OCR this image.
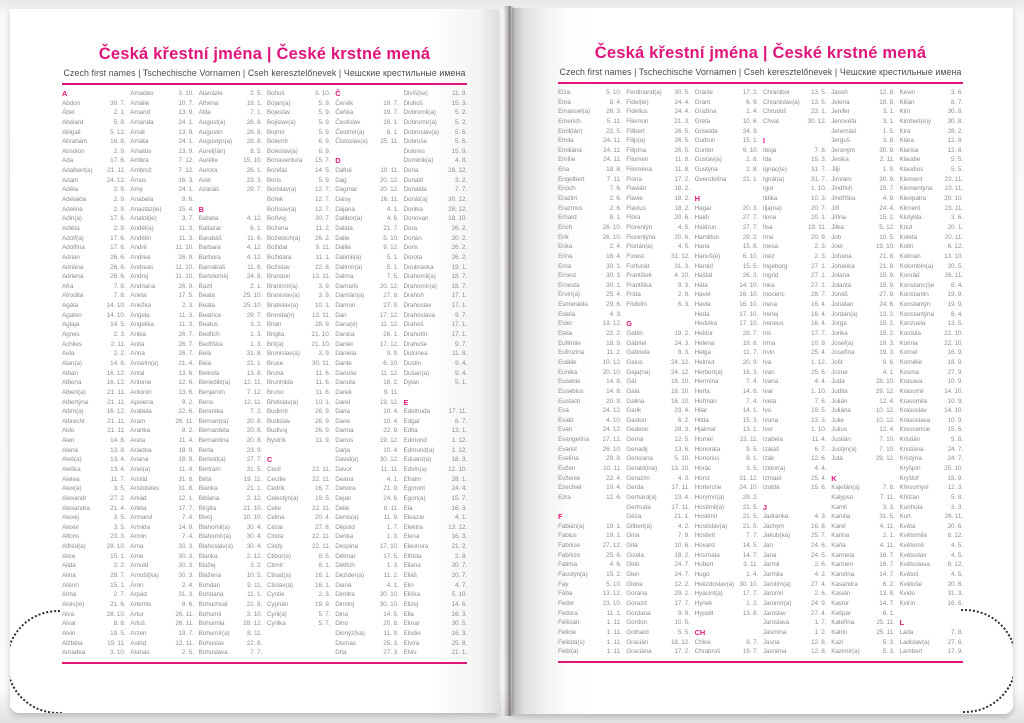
Česká křestní jména | České krstné mená
Czech first names | Tschechische Vornamen | Cseh keresztelőnevek | Чешские крестильные имена
A
Abdon	30. 7.
Ábel	2. 1.
Abelard	5. 8.
Abigail	5. 12.
Abrahám	16. 8.
Absolon	2. 9.
Ada	17. 6.
Adalbert(a)	21. 11.
Adam	24. 12.
Adéla	2. 9.
Adelaida	2. 9.
Adelina	2. 9.
Adin(a)	17. 6.
Adléta	2. 9.
Adolf(a)	17. 6.
Adolfína	17. 6.
Adrian	26. 6.
Adriána	26. 6.
Adriena	26. 6.
Afra	7. 8.
Afrodita	7. 8.
Agáta	14. 10.
Agaton	14. 10.
Aglaja	14. 5.
Agnes	2. 3.
Achiles	2. 11.
Aida	2. 2.
Alan(a)	14. 8.
Alban	16. 12.
Albena	16. 12.
Albert(a)	21. 11.
Albertýna	21. 11.
Albín(a)	16. 12.
Albrecht	21. 11.
Aldo	21. 11.
Alen	14. 8.
Alena	13. 8.
Aleš(a)	13. 4.
Aleška	13. 4.
Aletea	11. 7.
Alex(a)	3. 5.
Alexandr	27. 2.
Alexandra	21. 4.
Alexej	3. 5.
Alexie	3. 5.
Alfons	23. 3.
Alfréd(a)	28. 10.
Alice	15. 1.
Alida	2. 2.
Alina	28. 7.
Alison	15. 1.
Alma	2. 7.
Alois(ie)	21. 6.
Alva	28. 10.
Alvar	8. 8.
Alvin	19. 5.
Alžběta	19. 11.
Amadea	3. 10.
Amadeo	3. 10.
Amálie	10. 7.
Amand	13. 9.
Amanda	24. 1.
Amát	13. 9.
Amáta	24. 1.
Amatus	13. 9.
Ambra	7. 12.
Ambrož	7. 12.
Ámos	16. 3.
Amy	24. 1.
Anabela	9. 6.
Anastáz(ie)	15. 4.
Anatol(ie)	3. 7.
Anděl(a)	11. 3.
Andělín	11. 3.
André	11. 10.
Andrea	26. 9.
Andreas	11. 10.
Andrej	11. 10.
Andriana	26. 9.
Aneta	17. 5.
Anežka	2. 3.
Angela	11. 3.
Angelika	11. 3.
Anika	26. 7.
Anita	26. 7.
Anna	26. 7.
Anselm(a)	21. 4.
Antal	13. 6.
Antonie	12. 6.
Antonín	13. 6.
Apolena	9. 2.
Arabela	22. 6.
Aram	26. 11.
Aranka	8. 2.
Areta	11. 4.
Ariadna	18. 9.
Ariana	18. 9.
Ariel(a)	11. 4.
Aristid	31. 8.
Aristoteles	31. 8.
Arkád	12. 1.
Arleta	17. 7.
Armand	7. 4.
Armida	14. 9.
Armin	7. 4.
Arna	30. 3.
Arne	30. 3.
Arnold	30. 3.
Arnošt(ka)	30. 3.
Áron	2. 4.
Arpád	31. 3.
Artemis	8. 6.
Artur	26. 11.
Artuš	26. 11.
Arzen	19. 7.
Astrid	12. 11.
Atanas	2. 5.
Atanázie	2. 5.
Athéna	18. 1.
Atila	7. 1.
August(a)	28. 8.
Augustin	28. 8.
Augustýn(a)	28. 8.
Aurel(ián)	8. 5.
Aurélie	15. 10.
Aurora	26. 1.
Axel	23. 3.
Azariáš	29. 7.
B
Babeta	4. 12.
Baltazar	6. 1.
Barabáš	11. 6.
Barbara	4. 12.
Barbora	4. 12.
Barnabáš	11. 6.
Bartoloměj	24. 8.
Bazil	2. 1.
Beata	25. 10.
Beáta	25. 10.
Beatrice	29. 7.
Beatus	3. 2.
Bedřich	1. 3.
Bedřiška	1. 3.
Bela	31. 8.
Béla	21. 1.
Belinda	13. 8.
Benedikt(a)	12. 11.
Benjamín	7. 12.
Beno	12. 11.
Berenika	7. 2.
Bernard(a)	20. 8.
Bernardeta	20. 8.
Bernardina	20. 8.
Berta	23. 9.
Bertold(a)	27. 7.
Bertram	31. 5.
Běta	19. 11.
Bianka	21. 1.
Bibiana	2. 12.
Birgita	21. 10.
Bivoj	10. 10.
Blahomil(a)	30. 4.
Blahomír(a)	30. 4.
Blahoslav(a)	30. 4.
Blanka	2. 12.
Blažej	3. 2.
Blažena	10. 5.
Bohdan	9. 11.
Bohdana	11. 1.
Bohuchval	22. 8.
Bohumil	3. 10.
Bohumila	28. 12.
Bohumír(a)	8. 11.
Bohuslav	22. 8.
Bohuslava	7. 7.
Bohuš	3. 10.
Bojan(a)	5. 9.
Bojeslav	5. 9.
Bojislav(a)	5. 9.
Bojmír	5. 9.
Bolemír	6. 9.
Boleslav(a)	6. 9.
Bonaventura	15. 7.
Bonifác	14. 5.
Boris	5. 9.
Borislav(a)	12. 7.
Bořek	12. 7.
Bořislav(a)	12. 7.
Bořivoj	30. 7.
Božena	11. 2.
Božetěch(a)	26. 2.
Božidar	9. 11.
Božidara	11. 1.
Božislav	22. 8.
Brandon	13. 11.
Branimír(a)	3. 9.
Branislav(a)	3. 9.
Bratislav(a)	10. 1.
Brenda(n)	13. 11.
Brian	28. 9.
Brigita	21. 10.
Brit(a)	21. 10.
Bronislav(a)	3. 9.
Bruce	30. 11.
Bruna	11. 6.
Brunhilda	11. 6.
Bruno	11. 6.
Břetislav(a)	10. 1.
Budimír	26. 9.
Budislav	26. 9.
Budivoj	26. 9.
Bystrík	11. 9.
C
Cecil	22. 11.
Cecílie	22. 11.
Cedrik	16. 7.
Celestýn(a)	19. 5.
Celie	22. 11.
Celina	20. 4.
Cézar	27. 8.
Cinda	22. 11.
Cindy	22. 11.
Ctibor(a)	9. 5.
Ctimír	8. 1.
Ctirad(a)	16. 1.
Ctislav(a)	16. 1.
Cyntie	2. 3.
Cyprián	19. 9.
Cyril(a)	5. 7.
Cyrilka	5. 7.
Č
Čeněk	19. 7.
Čeňka	19. 7.
Čestislav	16. 1.
Čestmír(a)	8. 1.
Čistoslav(a)	25. 11.
D
Dafné	10. 11.
Dag	20. 12.
Dagmar	20. 12.
Daisy	16. 11.
Dajana	4. 1.
Dalibor(a)	4. 6.
Dalida	21. 7.
Dalie	5. 10.
Dalila	9. 12.
Dalimil(a)	5. 1.
Dalimír(a)	5. 1.
Dalma	7. 5.
Damaris	20. 12.
Damián(a)	27. 9.
Damon	27. 9.
Dan	17. 12.
Dana(é)	11. 12.
Danica	26. 1.
Daniel	17. 12.
Daniela	9. 9.
Dante	6. 10.
Danuše	11. 12.
Danuta	16. 2.
Darek	9. 11.
Darel	19. 12.
Daria	10. 4.
Darie	10. 4.
Darina	22. 9.
Darius	19. 12.
Darja	10. 4.
David(a)	30. 12.
Davor	11. 11.
Deana	4. 1.
Debora	21. 9.
Dejan	24. 6.
Delie	8. 11.
Denis(a)	11. 9.
Děpold	1. 7.
Derika	1. 3.
Despina	17. 10.
Dětmar	17. 5.
Dětřich	1. 3.
Dezider(a)	11. 2.
Diana	4. 1.
Dimitra	30. 10.
Dimitrij	30. 10.
Dina	14. 5.
Dino	20. 8.
Dionýz(ka)	11. 9.
Dismas	25. 3.
Díta	27. 3.
Divíš(ka)	11. 9.
Dluhoš	15. 3.
Dobromil(a)	5. 2.
Dobromír(a)	5. 2.
Dobroslav(a)	5. 6.
Dobruše	5. 6.
Dolores	15. 9.
Dominik(a)	4. 8.
Dona	28. 12.
Donald	3. 2.
Donalda	7. 7.
Donát(a)	30. 12.
Donika	28. 12.
Donovan	18. 10.
Dora	26. 2.
Dorián	20. 2.
Doris	26. 2.
Dorota	26. 2.
Doubravka	19. 1.
Drahomil(a)	18. 7.
Drahomír(a)	18. 7.
Drahoň	17. 1.
Drahoslav	17. 1.
Drahoslava	9. 7.
Drahoš	17. 1.
Drahotín	17. 1.
Drahuše	9. 7.
Dulcinea	11. 8.
Dustin	9. 4.
Dušan(a)	9. 4.
Dylan	5. 1.
E
Edeltruda	17. 11.
Edgar	8. 7.
Edita	13. 1.
Edmond	1. 12.
Edmund(a)	1. 12.
Eduard(a)	18. 3.
Edvín(a)	12. 10.
Efraim	28. 1.
Egmont	24. 4.
Egon(a)	15. 7.
Ela	16. 3.
Eleazar	4. 1.
Elektra	13. 12.
Elena	16. 3.
Eleonora	21. 2.
Elfrída	2. 8.
Eliana	20. 7.
Eliáš	20. 7.
Elin	4. 7.
Eliška	5. 10.
Elizej	14. 6.
Ella	16. 3.
Elmar	30. 5.
Elodie	16. 3.
Elvíra	25. 8.
Elvis	21. 1.
Česká křestní jména | České krstné mená
Czech first names | Tschechische Vornamen | Cseh keresztelőnevek | Чешские крестильные имена
Elza	5. 10.
Ema	8. 4.
Emanuel(a)	26. 3.
Emerich	5. 11.
Emil(ián)	22. 5.
Emila	24. 11.
Emiliána	24. 11.
Emílie	24. 11.
Ena	18. 8.
Engelbert	7. 11.
Enoch	7. 6.
Erazim	2. 6.
Erazmus	2. 6.
Erhard	8. 1.
Erich	26. 10.
Erik	26. 10.
Erika	2. 4.
Erina	16. 4.
Erna	30. 1.
Ernest	30. 3.
Ernesta	30. 1.
Ervín(a)	25. 4.
Esmeralda	29. 6.
Estela	4. 3.
Ester	19. 12.
Etela	22. 2.
Eufémie	18. 9.
Eufrozina	11. 2.
Eulálie	10. 12.
Eunika	20. 10.
Eusebie	14. 8.
Eusebius	14. 8.
Eustach	20. 9.
Eva	24. 12.
Evald	4. 10.
Evan	24. 12.
Evangelína	27. 12.
Evarist	26. 10.
Evelína	29. 8.
Evžen	10. 11.
Evženie	22. 4.
Ezechiel	10. 4.
Ezra	12. 6.
F
Fabián(a)	19. 1.
Fabius	19. 1.
Fabricie	27. 12.
Fabricio	25. 6.
Fatima	4. 6.
Faustýn(a)	15. 2.
Fay	5. 10.
Féba	13. 12.
Fedor	23. 10.
Fedora	11. 1.
Felicián	1. 11.
Felície	1. 11.
Felicita(s)	1. 11.
Felix(a)	1. 11.
Ferdinand(a)	30. 5.
Fidel(ie)	24. 4.
Fidelius	24. 4.
Filemon	21. 3.
Filibert	26. 5.
Filip(a)	26. 5.
Filipína	26. 5.
Filomen	11. 8.
Filoména	11. 8.
Fiona	17. 2.
Flavián	18. 2.
Flavie	18. 2.
Flavius	18. 2.
Flóra	20. 6.
Florentýn	4. 5.
Florentýna	20. 6.
Florián(a)	4. 5.
Forest	31. 12.
Fortunát	31. 3.
František	4. 10.
Františka	9. 3.
Frída	2. 8.
Fridolín	6. 3.
G
Gabin	19. 2.
Gabriel	24. 3.
Gabriela	8. 3.
Gaius	24. 12.
Gaja(na)	24. 12.
Gál	16. 10.
Gala	16. 10.
Galina	16. 10.
Garik	23. 4.
Gaston	6. 2.
Gedeon	28. 3.
Gema	12. 5.
Genadij	13. 6.
Genciana	5. 10.
Gerald(ina)	13. 10.
Gerazim	4. 3.
Gerda	17. 11.
Gerhard(a)	23. 4.
Gertruda	17. 11.
Géza	21. 1.
Gilbert(a)	4. 2.
Gina	7. 9.
Gita	10. 6.
Gizela	18. 2.
Gleb	24. 7.
Glen	24. 7.
Glorie	12. 2.
Gorana	29. 2.
Gorazd	17. 7.
Gordana	9. 9.
Gordon	10. 5.
Gothard	5. 5.
Gracián	18. 12.
Graciána	17. 2.
Grácie	17. 2.
Grant	6. 9.
Gražina	1. 4.
Gréta	10. 6.
Griselda	24. 9.
Gudrun	15. 1.
Gunter	9. 10.
Gustav(a)	2. 8.
Gustýna	2. 8.
Gvendolína	21. 1.
H
Hagar	20. 3.
Haidi	27. 7.
Haidrun	27. 7.
Hamilton	29. 2.
Hana	15. 8.
Hanuš(e)	6. 10.
Harold	15. 5.
Haštal	26. 3.
Háta	14. 10.
Havel	16. 10.
Havla	16. 10.
Heda	17. 10.
Hedvika	17. 10.
Hektor	28. 7.
Helena	18. 8.
Helga	11. 7.
Helmut	20. 9.
Herbert(a)	16. 3.
Hermína	7. 4.
Herta	14. 6.
Heřman	7. 4.
Hilar	14. 1.
Hilda	15. 3.
Hjalmar	13. 1.
Homér	22. 11.
Honoráta	9. 5.
Honorius	8. 1.
Horác	3. 5.
Horst	31. 12.
Hortenzie	24. 10.
Horymír(a)	29. 2.
Hostimil(a)	21. 5.
Hostimír	21. 5.
Hostislav(a)	21. 5.
Hostivít	7. 7.
Hovard	14. 5.
Hroznata	14. 7.
Hubert	3. 11.
Hugo	1. 4.
Hvězdoslav(a) 30. 10.
Hyacint(a)	17. 7.
Hynek	1. 2.
Hypolit	13. 8.
CH
Chloe	9. 7.
Chrabroš	19. 7.
Chranibor	13. 5.
Chranislav(a)	13. 5.
Chrudoš	23. 1.
Chval	30. 12.
I
Iboja	7. 8.
Ida	15. 3.
Ignác(ie)	31. 7.
Ignát(a)	31. 7.
Igor	1. 10.
Ildika	10. 3.
Ilja(na)	20. 7.
Ilona	20. 1.
Ilsa	19. 11.
Ima	20. 9.
Inesa	2. 3.
Inéz	2. 3.
Ingeborg	27. 1.
Ingrid	27. 1.
Inka	27. 1.
Inocenc	28. 7.
Irena	16. 4.
Irenej	16. 4.
Ireneus	16. 4.
Iris	17. 7.
Irma	10. 9.
Irvin	25. 4.
Iva	1. 12.
Ivan	25. 6.
Ivana	4. 4.
Ivar	1. 10.
Iveta	7. 6.
Ivo	19. 5.
Ivona	23. 3.
Ivor	1. 10.
Izabela	11. 4.
Izaiáš	6. 7.
Izák	12. 6.
Izidor(a)	4. 4.
Izmael	25. 4.
Izolda	15. 6.
J
Jadranka	4. 3.
Jáchym	16. 8.
Jakub(ka)	25. 7.
Jan	24. 6.
Jana	24. 5.
Jarmil	2. 6.
Jarmila	4. 2.
Jarolím(a)	27. 4.
Jaromil	2. 6.
Jaromír(a)	24. 9.
Jaroslav	27. 4.
Jaroslava	1. 7.
Jasmína	1. 2.
Jasna	12. 8.
Jasněna	12. 8.
Jasoň	12. 8.
Jelena	18. 8.
Jenifer	3. 1.
Jenovéfa	3. 1.
Jeremiáš	1. 5.
Jerguš	3. 8.
Jeroným	30. 9.
Jesika	2. 11.
Jiljí	1. 9.
Jimram	30. 9.
Jindřich	15. 7.
Jindřiška	4. 9.
Jiří	24. 4.
Jiřina	15. 2.
Jitka	5. 12.
Job	10. 5.
Joel	19. 10.
Johana	21. 8.
Johanka	21. 8.
Jolana	15. 9.
Jolanta	15. 9.
Jonáš	27. 9.
Jonatan	24. 6.
Jordan(a)	13. 2.
Jorga	15. 2.
Jorika	15. 2.
Josef(a)	19. 3.
Josefína	19. 3.
Jošt	9. 6.
Jozue	4. 1.
Juda	28. 10.
Judita	29. 12.
Julián	12. 4.
Juliána	10. 12.
Julie	10. 12.
Julius	12. 4.
Justián	7. 10.
Justýn(a)	7. 10.
Juta	29. 12.
K
Kajetán(a)	7. 8.
Kalypso	7. 11.
Kamil	3. 3.
Kamila	31. 5.
Karel	4. 11.
Karina	2. 1.
Karla	4. 11.
Karmela	16. 7.
Karmen	16. 7.
Karolína	14. 7.
Kasandra	6. 2.
Kasián	13. 8.
Kastor	14. 7.
Kašpar	6. 1.
Kateřina	25. 11.
Katrin	25. 11.
Kazi	5. 3.
Kazimír(a)	5. 3.
Kevin	3. 6.
Kilián	8. 7.
Kim	30. 8.
Kimberl(e)y	30. 8.
Kira	28. 2.
Klára	12. 8.
Klarisa	12. 8.
Klaudie	5. 5.
Klaudius	5. 5.
Klement	23. 11.
Klementýna	23. 11.
Kleopatra	20. 10.
Kliment	23. 11.
Klotylda	3. 6.
Knut	20. 1.
Koleta	20. 11.
Kolin	6. 12.
Kolman	13. 10.
Kolombín(a)	20. 5.
Konrád	26. 11.
Konstanc(i)e	8. 4.
Konstantin	19. 9.
Konstantýn	19. 9.
Konstantýna	8. 4.
Konzuela	13. 5.
Kordula	22. 10.
Korina	22. 10.
Kornel	16. 9.
Kornélie	16. 9.
Kosma	27. 9.
Krasava	10. 9.
Krasomil	14. 10.
Krasomila	10. 9.
Krasoslav	14. 10.
Krasoslava	10. 9.
Krescencie	15. 6.
Kristián	5. 8.
Kristiána	24. 7.
Kristýna	24. 7.
Kryšpín	25. 10.
Kryštof	18. 9.
Křesomysl	12. 3.
Křišťan	5. 8.
Kunhuta	3. 3.
Kurt	26. 11.
Květa	20. 6.
Květomila	8. 12.
Květomír	4. 5.
Květoslav	4. 5.
Květoslava	8. 12.
Květoš	4. 5.
Květuše	20. 6.
Kvido	31. 3.
Kvirín	16. 6.
L
Lada	7. 8.
Ladislav(a)	27. 6.
Lambert	17. 9.
